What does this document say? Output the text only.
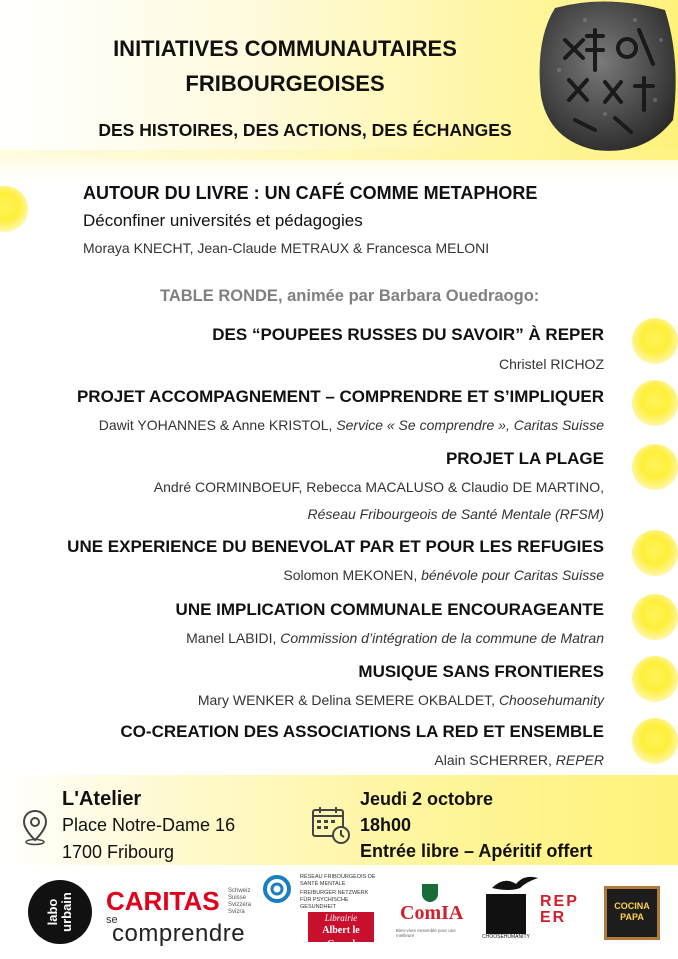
INITIATIVES COMMUNAUTAIRES
FRIBOURGEOISES
DES HISTOIRES, DES ACTIONS, DES ÉCHANGES
AUTOUR DU LIVRE : UN CAFÉ COMME METAPHORE
Déconfiner universités et pédagogies
Moraya KNECHT, Jean-Claude METRAUX & Francesca MELONI
TABLE RONDE, animée par Barbara Ouedraogo:
DES “POUPEES RUSSES DU SAVOIR” À REPER
Christel RICHOZ
PROJET ACCOMPAGNEMENT – COMPRENDRE ET S’IMPLIQUER
Dawit YOHANNES & Anne KRISTOL, Service « Se comprendre », Caritas Suisse
PROJET LA PLAGE
André CORMINBOEUF, Rebecca MACALUSO & Claudio DE MARTINO,
Réseau Fribourgeois de Santé Mentale (RFSM)
UNE EXPERIENCE DU BENEVOLAT PAR ET POUR LES REFUGIES
Solomon MEKONEN, bénévole pour Caritas Suisse
UNE IMPLICATION COMMUNALE ENCOURAGEANTE
Manel LABIDI, Commission d’intégration de la commune de Matran
MUSIQUE SANS FRONTIERES
Mary WENKER & Delina SEMERE OKBALDET, Choosehumanity
CO-CREATION DES ASSOCIATIONS LA RED ET ENSEMBLE
Alain SCHERRER, REPER
L'Atelier
Place Notre-Dame 16
1700 Fribourg
Jeudi 2 octobre
18h00
Entrée libre – Apéritif offert
labo urbain CARITAS Schweiz Suisse Svizzera Svizra
se
comprendre
RÉSEAU FRIBOURGEOIS DE SANTÉ MENTALE
FREIBURGER NETZWERK FÜR PSYCHISCHE GESUNDHEIT
Librairie
Albert le Grand
ComIA
Bien-vivre ensemble pour une meilleure	CHOOSEHUMANITY
REPER
COCINA PAPA
